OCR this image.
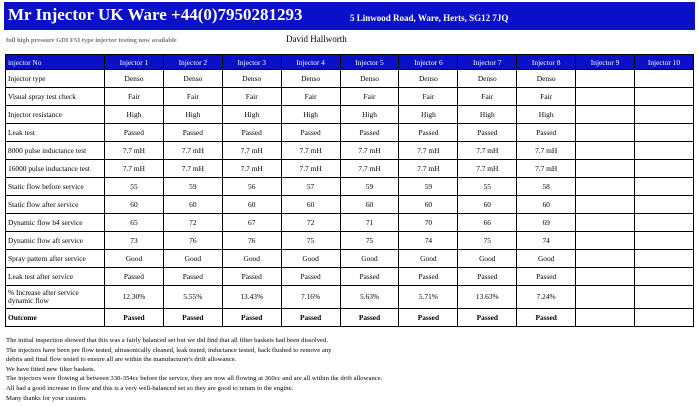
Mr Injector UK Ware +44(0)7950281293	5 Linwood Road, Ware, Herts, SG12 7JQ
full high pressure GDI FSI type injector testing now available	David Hallworth
injector No	Injector 1	Injector 2	Injector 3	Injector 4	Injector 5	Injector 6	Injector 7	Injector 8	Injector 9	Injector 10
Injector type	Denso	Denso	Denso	Denso	Denso	Denso	Denso	Denso		
Visual spray test check	Fair	Fair	Fair	Fair	Fair	Fair	Fair	Fair		
Injector resistance	High	High	High	High	High	High	High	High		
Leak test	Passed	Passed	Passed	Passed	Passed	Passed	Passed	Passed		
8000 pulse inductance test	7.7 mH	7.7 mH	7.7 mH	7.7 mH	7.7 mH	7.7 mH	7.7 mH	7.7 mH		
16000 pulse inductance test	7.7 mH	7.7 mH	7.7 mH	7.7 mH	7.7 mH	7.7 mH	7.7 mH	7.7 mH		
Static flow before service	55	59	56	57	59	59	55	58		
Static flow after service	60	60	60	60	60	60	60	60		
Dynamic flow b4 service	65	72	67	72	71	70	66	69		
Dynamic flow aft service	73	76	76	75	75	74	75	74		
Spray pattern after service	Good	Good	Good	Good	Good	Good	Good	Good		
Leak test after service	Passed	Passed	Passed	Passed	Passed	Passed	Passed	Passed		
% Increase after service dynamic flow	12.30%	5.55%	13.43%	7.16%	5.63%	5.71%	13.63%	7.24%		
Outcome	Passed	Passed	Passed	Passed	Passed	Passed	Passed	Passed		
The initial inspection showed that this was a fairly balanced set but we did find that all filter baskets had been dissolved.
The injectors have been pre flow tested, ultrasonically cleaned, leak tested, inductance tested, back flushed to remove any
debris and final flow tested to ensure all are within the manufacturer's drift allowance.
We have fitted new filter baskets.
The injectors were flowing at between 330-354cc before the service, they are now all flowing at 360cc and are all within the drift allowance.
All had a good increase in flow and this is a very well-balanced set so they are good to return to the engine.
Many thanks for your custom.
